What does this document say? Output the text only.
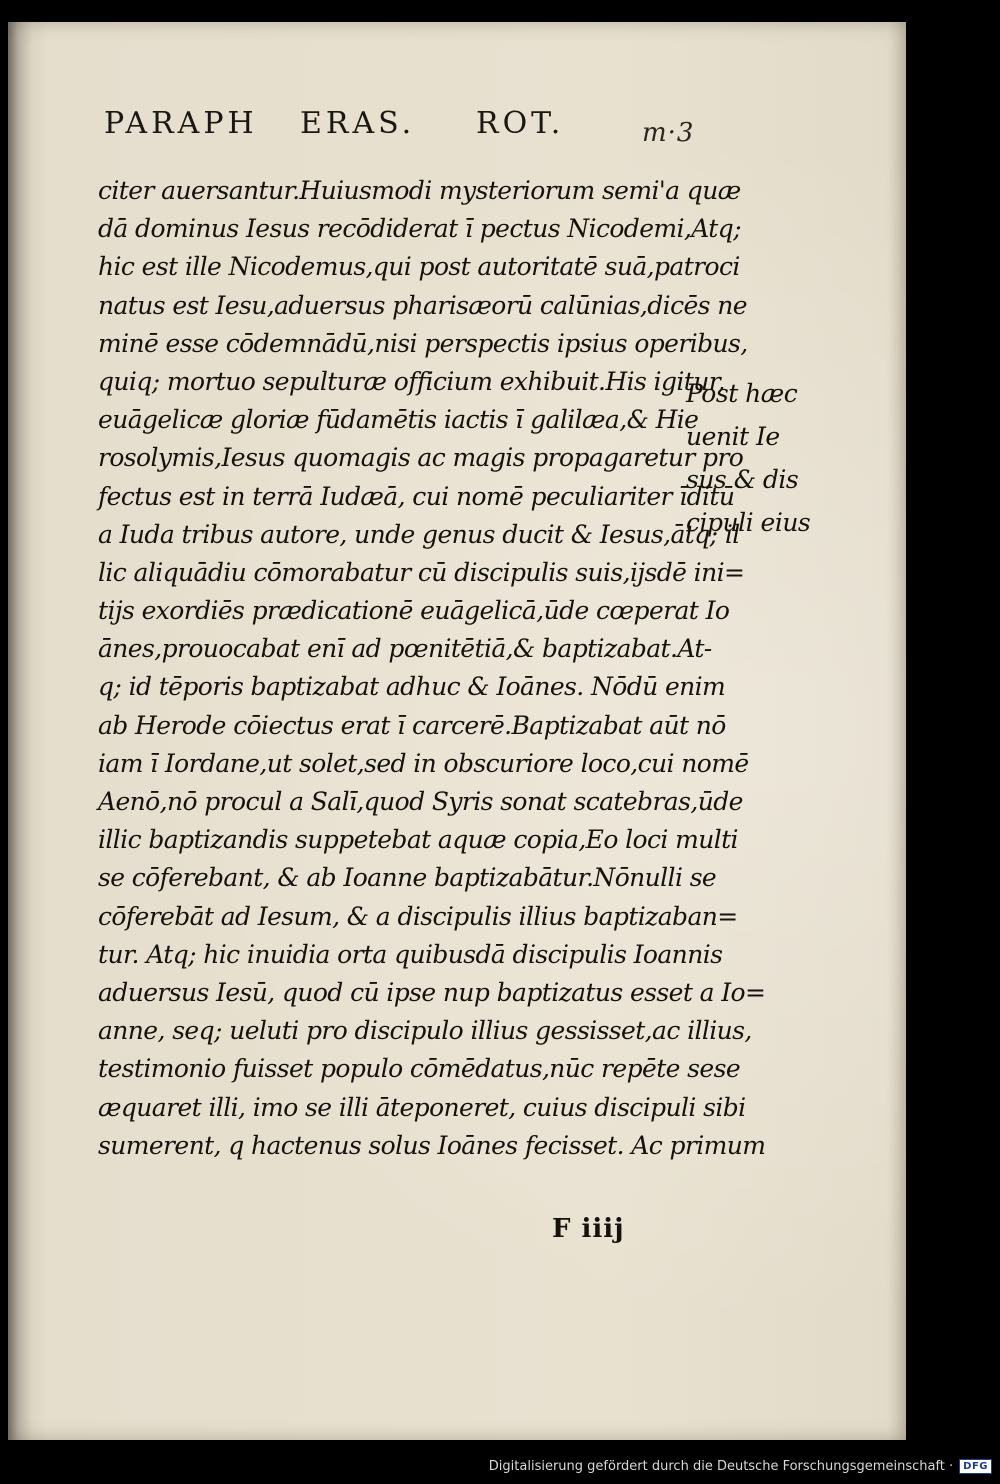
PARAPH ERAS. ROT.	m·3
citer auersantur.Huiusmodi mysteriorum semi'a quæ
dā dominus Iesus recōdiderat ī pectus Nicodemi,Atq;
hic est ille Nicodemus,qui post autoritatē suā,patroci
natus est Iesu,aduersus pharisæorū calūnias,dicēs ne
minē esse cōdemnādū,nisi perspectis ipsius operibus,
quiq; mortuo sepulturæ officium exhibuit.His igitur,
euāgelicæ gloriæ fūdamētis iactis ī galilæa,& Hie
rosolymis,Iesus quomagis ac magis propagaretur pro
fectus est in terrā Iudæā, cui nomē peculiariter īditū
a Iuda tribus autore, unde genus ducit & Iesus,ātq; il
lic aliquādiu cōmorabatur cū discipulis suis,ijsdē ini=
tijs exordiēs prædicationē euāgelicā,ūde cœperat Io
ānes,prouocabat enī ad pœnitētiā,& baptizabat.At-
q; id tēporis baptizabat adhuc & Ioānes. Nōdū enim
ab Herode cōiectus erat ī carcerē.Baptizabat aūt nō
iam ī Iordane,ut solet,sed in obscuriore loco,cui nomē
Aenō,nō procul a Salī,quod Syris sonat scatebras,ūde
illic baptizandis suppetebat aquæ copia,Eo loci multi
se cōferebant, & ab Ioanne baptizabātur.Nōnulli se
cōferebāt ad Iesum, & a discipulis illius baptizaban=
tur. Atq; hic inuidia orta quibusdā discipulis Ioannis
aduersus Iesū, quod cū ipse nup baptizatus esset a Io=
anne, seq; ueluti pro discipulo illius gessisset,ac illius,
testimonio fuisset populo cōmēdatus,nūc repēte sese
æquaret illi, imo se illi āteponeret, cuius discipuli sibi
sumerent, q hactenus solus Ioānes fecisset. Ac primum
Post hæc
uenit Ie
sus & dis
cipuli eius
F iiij
Digitalisierung gefördert durch die Deutsche Forschungsgemeinschaft ·	DFG
